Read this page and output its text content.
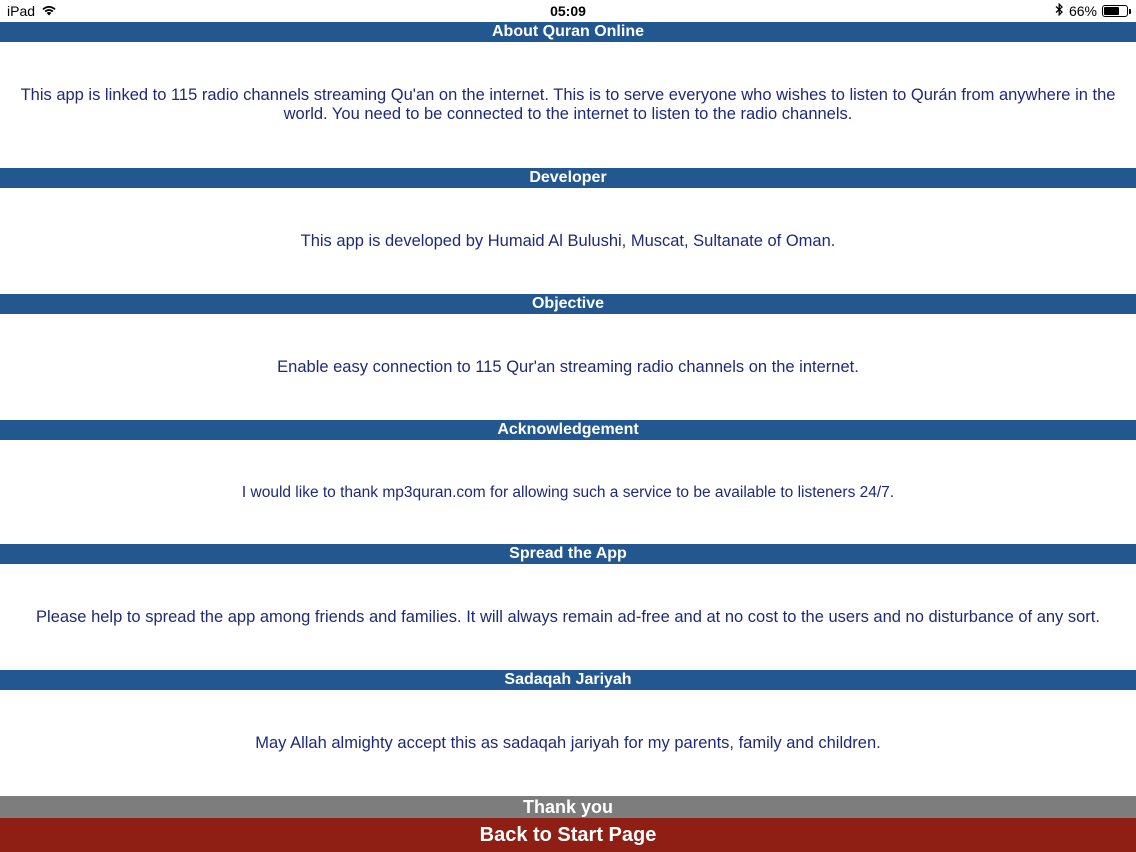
iPad	05:09	66%
About Quran Online
This app is linked to 115 radio channels streaming Qu'an on the internet. This is to serve everyone who wishes to listen to Qurán from anywhere in the world. You need to be connected to the internet to listen to the radio channels.
Developer
This app is developed by Humaid Al Bulushi, Muscat, Sultanate of Oman.
Objective
Enable easy connection to 115 Qur'an streaming radio channels on the internet.
Acknowledgement
I would like to thank mp3quran.com for allowing such a service to be available to listeners 24/7.
Spread the App
Please help to spread the app among friends and families. It will always remain ad-free and at no cost to the users and no disturbance of any sort.
Sadaqah Jariyah
May Allah almighty accept this as sadaqah jariyah for my parents, family and children.
Thank you
Back to Start Page
